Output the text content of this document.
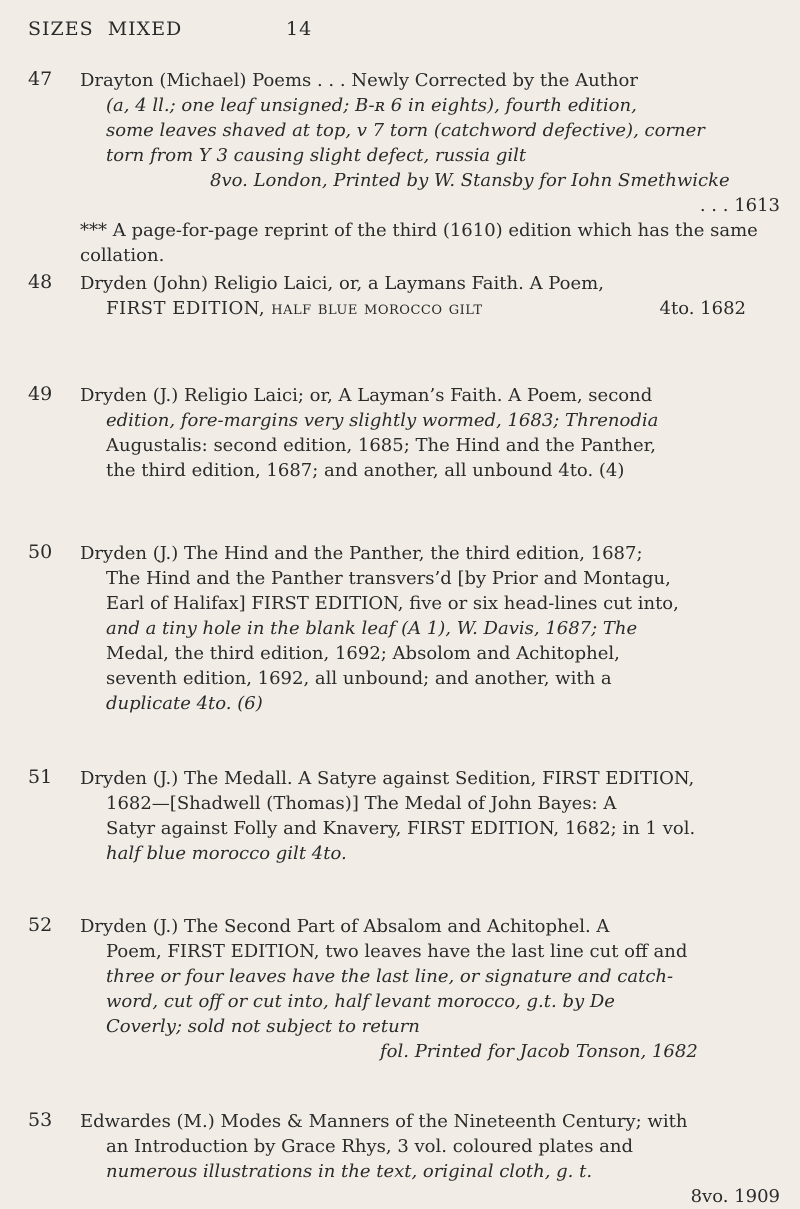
SIZES MIXED	14
47	Drayton (Michael) Poems . . . Newly Corrected by the Author

(a, 4 ll.; one leaf unsigned; B-ʀ 6 in eights), fourth edition,
some leaves shaved at top, v 7 torn (catchword defective), corner
torn from Y 3 causing slight defect, russia gilt
8vo. London, Printed by W. Stansby for Iohn Smethwicke
. . . 1613
*** A page-for-page reprint of the third (1610) edition which has the same collation.
48	Dryden (John) Religio Laici, or, a Laymans Faith. A Poem,
FIRST EDITION, half blue morocco gilt	4to. 1682
49	Dryden (J.) Religio Laici; or, A Layman’s Faith. A Poem, second

edition, fore-margins very slightly wormed, 1683; Threnodia
Augustalis: second edition, 1685; The Hind and the Panther,
the third edition, 1687; and another, all unbound 4to. (4)
50	Dryden (J.) The Hind and the Panther, the third edition, 1687;

The Hind and the Panther transvers’d [by Prior and Montagu,
Earl of Halifax] FIRST EDITION, five or six head-lines cut into,
and a tiny hole in the blank leaf (A 1), W. Davis, 1687; The
Medal, the third edition, 1692; Absolom and Achitophel,
seventh edition, 1692, all unbound; and another, with a
duplicate 4to. (6)
51	Dryden (J.) The Medall. A Satyre against Sedition, FIRST EDITION,

1682—[Shadwell (Thomas)] The Medal of John Bayes: A
Satyr against Folly and Knavery, FIRST EDITION, 1682; in 1 vol.
half blue morocco gilt 4to.
52	Dryden (J.) The Second Part of Absalom and Achitophel. A

Poem, FIRST EDITION, two leaves have the last line cut off and
three or four leaves have the last line, or signature and catch-
word, cut off or cut into, half levant morocco, g.t. by De
Coverly; sold not subject to return
fol. Printed for Jacob Tonson, 1682
53	Edwardes (M.) Modes & Manners of the Nineteenth Century; with

an Introduction by Grace Rhys, 3 vol. coloured plates and
numerous illustrations in the text, original cloth, g. t.
8vo. 1909
